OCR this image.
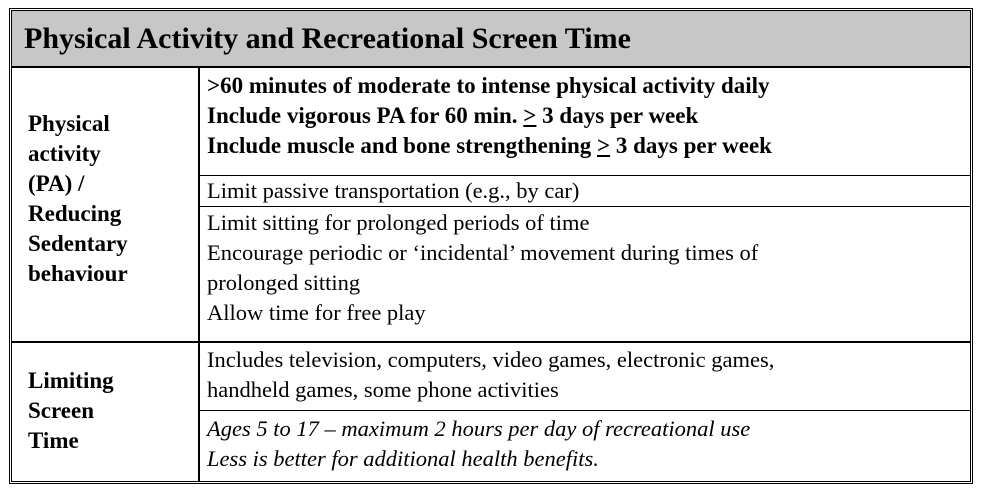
Physical Activity and Recreational Screen Time
Physical
activity
(PA) /
Reducing
Sedentary
behaviour
>60 minutes of moderate to intense physical activity daily
Include vigorous PA for 60 min. > 3 days per week
Include muscle and bone strengthening > 3 days per week
Limit passive transportation (e.g., by car)
Limit sitting for prolonged periods of time
Encourage periodic or ‘incidental’ movement during times of
prolonged sitting
Allow time for free play
Limiting
Screen
Time
Includes television, computers, video games, electronic games,
handheld games, some phone activities
Ages 5 to 17 – maximum 2 hours per day of recreational use
Less is better for additional health benefits.
